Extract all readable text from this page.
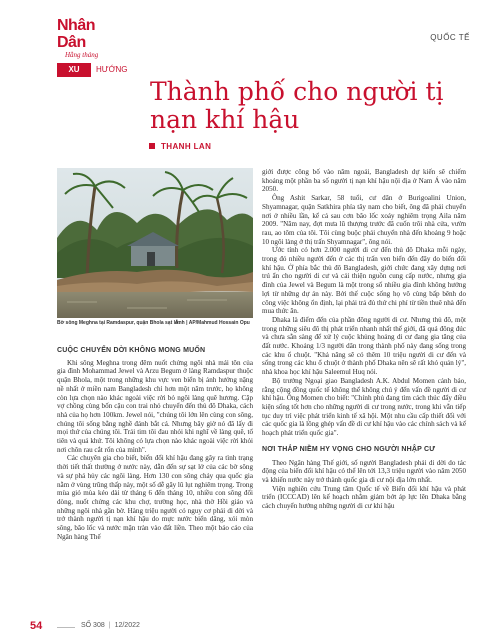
Nhân Dân
Hằng tháng
QUỐC TẾ
XU	HƯỚNG
Thành phố cho người tị nạn khí hậu
THANH LAN
Bờ sông Meghna tại Ramdaspur, quận Bhola sạt lở.
Ảnh | AP/Mahmud Hossain Opu
CUỘC CHUYỂN DỜI KHÔNG MONG MUỐN

Khi sông Meghna trong đêm nuốt chửng ngôi nhà mái tôn của gia đình Mohammad Jewel và Arzu Begum ở làng Ramdaspur thuộc quận Bhola, một trong những khu vực ven biển bị ảnh hưởng nặng nề nhất ở miền nam Bangladesh chỉ hơn một năm trước, họ không còn lựa chọn nào khác ngoài việc rời bỏ ngôi làng quê hương. Cặp vợ chồng cùng bốn cậu con trai nhỏ chuyển đến thủ đô Dhaka, cách nhà của họ hơn 100km. Jewel nói, "chúng tôi lớn lên cùng con sông, chúng tôi sống bằng nghề đánh bắt cá. Nhưng bây giờ nó đã lấy đi mọi thứ của chúng tôi. Trải tim tôi đau nhói khi nghĩ về làng quê, tổ tiên và quá khứ. Tôi không có lựa chọn nào khác ngoài việc rời khỏi nơi chôn rau cắt rốn của mình".

Các chuyên gia cho biết, biến đổi khí hậu đang gây ra tình trạng thời tiết thất thường ở nước này, dẫn đến sự sạt lở của các bờ sông và sự phá hủy các ngôi làng. Hơn 130 con sông chảy qua quốc gia nằm ở vùng trũng thấp này, một số dễ gây lũ lụt nghiêm trọng. Trong mùa gió mùa kéo dài từ tháng 6 đến tháng 10, nhiều con sông đổi dòng, nuốt chửng các khu chợ, trường học, nhà thờ Hồi giáo và những ngôi nhà gần bờ. Hàng triệu người có nguy cơ phải di dời và trở thành người tị nạn khí hậu do mực nước biển dâng, xói mòn sông, bão lốc và nước mặn tràn vào đất liền. Theo một báo cáo của Ngân hàng Thế

giới được công bố vào năm ngoái, Bangladesh dự kiến sẽ chiếm khoảng một phần ba số người tị nạn khí hậu nội địa ở Nam Á vào năm 2050.

Ông Ashit Sarkar, 58 tuổi, cư dân ở Burigoalini Union, Shyamnagar, quận Satkhira phía tây nam cho biết, ông đã phải chuyển nơi ở nhiều lần, kể cả sau cơn bão lốc xoáy nghiêm trọng Aila năm 2009. "Năm nay, đợt mưa lũ thượng trước đã cuốn trôi nhà cửa, vườn rau, ao tôm của tôi. Tôi cùng buộc phải chuyển nhà đến khoảng 9 hoặc 10 ngôi làng ở thị trấn Shyamnagar", ông nói.

Ước tính có hơn 2.000 người di cư đến thủ đô Dhaka mỗi ngày, trong đó nhiều người đến ở các thị trấn ven biển đến đây do biến đổi khí hậu. Ở phía bắc thủ đô Bangladesh, giới chức đang xây dựng nơi trú ẩn cho người di cư và cải thiện nguồn cung cấp nước, nhưng gia đình của Jewel và Begum là một trong số nhiều gia đình không hưởng lợi từ những dự án này. Bởi thế cuộc sống họ vô cùng bấp bênh do công việc không ổn định, lại phải trả đủ thứ chi phí từ tiền thuê nhà đến mua thức ăn.

Dhaka là điểm đến của phần đông người di cư. Nhưng thủ đô, một trong những siêu đô thị phát triển nhanh nhất thế giới, đã quá đông đúc và chưa sẵn sàng để xử lý cuộc khủng hoảng di cư đang gia tăng của đất nước. Khoảng 1/3 người dân trong thành phố này đang sống trong các khu ổ chuột. "Khả năng sẽ có thêm 10 triệu người di cư đến và sống trong các khu ổ chuột ở thành phố Dhaka nên sẽ rất khó quản lý", nhà khoa học khí hậu Saleemul Huq nói.

Bộ trưởng Ngoại giao Bangladesh A.K. Abdul Momen cảnh báo, rằng cộng đồng quốc tế không thể không chú ý đến vấn đề người di cư khí hậu. Ông Momen cho biết: "Chính phủ đang tìm cách thúc đẩy điều kiện sống tốt hơn cho những người di cư trong nước, trong khi vẫn tiếp tục duy trì việc phát triển kinh tế xã hội. Một nhu cầu cấp thiết đối với các quốc gia là lồng ghép vấn đề di cư khí hậu vào các chính sách và kế hoạch phát triển quốc gia".

NƠI THẮP NIỀM HY VỌNG CHO NGƯỜI NHẬP CƯ

Theo Ngân hàng Thế giới, số người Bangladesh phải di dời do tác động của biến đổi khí hậu có thể lên tới 13,3 triệu người vào năm 2050 và khiến nước này trở thành quốc gia di cư nội địa lớn nhất.

Viện nghiên cứu Trung tâm Quốc tế về Biến đổi khí hậu và phát triển (ICCCAD) lên kế hoạch nhằm giảm bớt áp lực lên Dhaka bằng cách chuyển hướng những người di cư khí hậu

54	SỐ 308 | 12/2022
